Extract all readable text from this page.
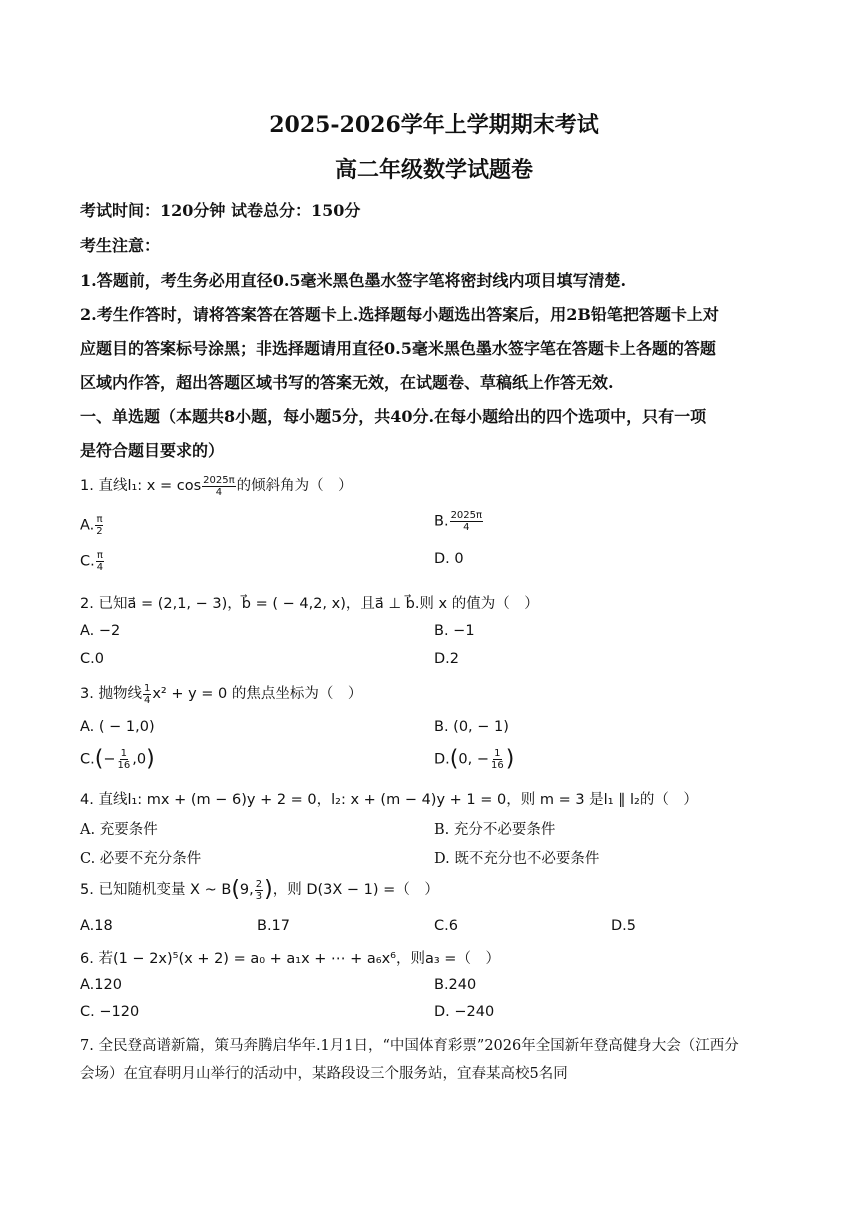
2025-2026学年上学期期末考试
高二年级数学试题卷
考试时间：120分钟 试卷总分：150分
考生注意：
1.答题前，考生务必用直径0.5毫米黑色墨水签字笔将密封线内项目填写清楚.
2.考生作答时，请将答案答在答题卡上.选择题每小题选出答案后，用2B铅笔把答题卡上对
应题目的答案标号涂黑；非选择题请用直径0.5毫米黑色墨水签字笔在答题卡上各题的答题
区域内作答，超出答题区域书写的答案无效，在试题卷、草稿纸上作答无效.
一、单选题（本题共8小题，每小题5分，共40分.在每小题给出的四个选项中，只有一项
是符合题目要求的）
1. 直线l₁: $x = \cos \frac{2025\pi}{4}$ 的倾斜角为（　）
A. $\frac{\pi}{2}$	B. $\frac{2025\pi}{4}$
C. $\frac{\pi}{4}$	D. 0
2. 已知a⃗ = (2,1, − 3)，b⃗ = ( − 4,2, x)，且a⃗ ⊥ b⃗.则 x 的值为（　）
A. −2	B. −1
C.0	D.2
3. 抛物线 $\frac{1}{4} x^2 + y = 0$ 的焦点坐标为（　）
A. ( − 1,0)	B. (0, − 1)
$C.(- \frac{1}{16} ,0)$	D.(0, − $\frac{1}{16}$ )
4. 直线l₁: mx + (m − 6)y + 2 = 0，l₂: x + (m − 4)y + 1 = 0，则 m = 3 是l₁ ∥ l₂的（　）
A. 充要条件	B. 充分不必要条件
C. 必要不充分条件	D. 既不充分也不必要条件
5. 已知随机变量 X ~ B(9, $\frac{2}{3}$ )，则 D(3X − 1) =（　）
A.18	B.17	C.6	D.5
6. 若(1 − 2x)⁵(x + 2) = a₀ + a₁x + ⋯ + a₆x⁶，则a₃ =（　）
A.120	B.240
C. −120	D. −240
7. 全民登高谱新篇，策马奔腾启华年.1月1日，“中国体育彩票”2026年全国新年登高健身大会（江西分
会场）在宜春明月山举行的活动中，某路段设三个服务站，宜春某高校5名同
